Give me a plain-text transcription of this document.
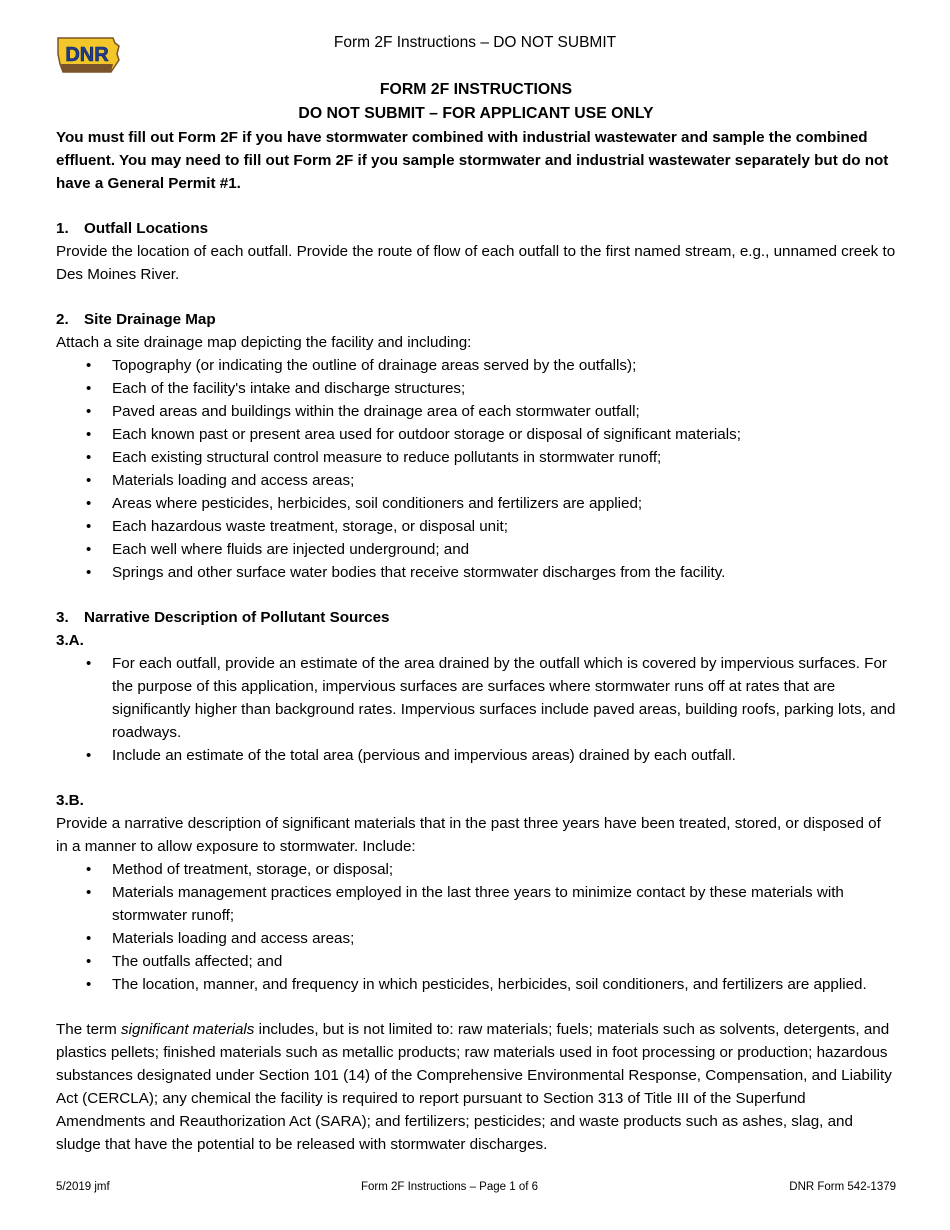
DNR
Form 2F Instructions – DO NOT SUBMIT
FORM 2F INSTRUCTIONS
DO NOT SUBMIT – FOR APPLICANT USE ONLY

You must fill out Form 2F if you have stormwater combined with industrial wastewater and sample the combined effluent. You may need to fill out Form 2F if you sample stormwater and industrial wastewater separately but do not have a General Permit #1.

1. Outfall Locations

Provide the location of each outfall. Provide the route of flow of each outfall to the first named stream, e.g., unnamed creek to Des Moines River.

2. Site Drainage Map

Attach a site drainage map depicting the facility and including:

• Topography (or indicating the outline of drainage areas served by the outfalls);
• Each of the facility's intake and discharge structures;
• Paved areas and buildings within the drainage area of each stormwater outfall;
• Each known past or present area used for outdoor storage or disposal of significant materials;
• Each existing structural control measure to reduce pollutants in stormwater runoff;
• Materials loading and access areas;
• Areas where pesticides, herbicides, soil conditioners and fertilizers are applied;
• Each hazardous waste treatment, storage, or disposal unit;
• Each well where fluids are injected underground; and
• Springs and other surface water bodies that receive stormwater discharges from the facility.
3. Narrative Description of Pollutant Sources
3.A.
• For each outfall, provide an estimate of the area drained by the outfall which is covered by impervious surfaces. For the purpose of this application, impervious surfaces are surfaces where stormwater runs off at rates that are significantly higher than background rates. Impervious surfaces include paved areas, building roofs, parking lots, and roadways.
• Include an estimate of the total area (pervious and impervious areas) drained by each outfall.
3.B.

Provide a narrative description of significant materials that in the past three years have been treated, stored, or disposed of in a manner to allow exposure to stormwater. Include:

• Method of treatment, storage, or disposal;
• Materials management practices employed in the last three years to minimize contact by these materials with stormwater runoff;
• Materials loading and access areas;
• The outfalls affected; and
• The location, manner, and frequency in which pesticides, herbicides, soil conditioners, and fertilizers are applied.

The term significant materials includes, but is not limited to: raw materials; fuels; materials such as solvents, detergents, and plastics pellets; finished materials such as metallic products; raw materials used in foot processing or production; hazardous substances designated under Section 101 (14) of the Comprehensive Environmental Response, Compensation, and Liability Act (CERCLA); any chemical the facility is required to report pursuant to Section 313 of Title III of the Superfund Amendments and Reauthorization Act (SARA); and fertilizers; pesticides; and waste products such as ashes, slag, and sludge that have the potential to be released with stormwater discharges.

5/2019 jmf	Form 2F Instructions – Page 1 of 6	DNR Form 542-1379
